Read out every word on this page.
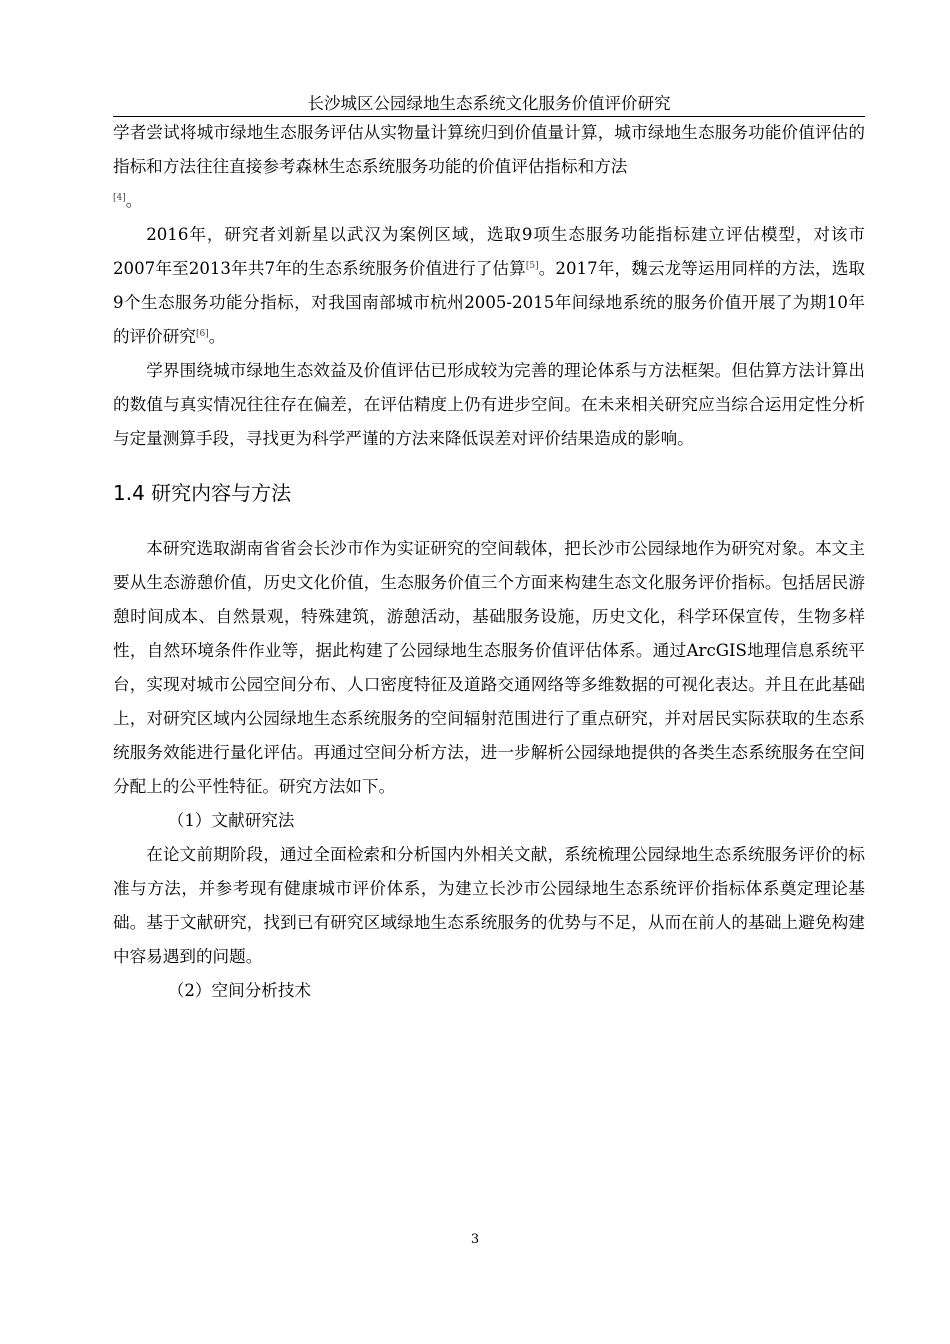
长沙城区公园绿地生态系统文化服务价值评价研究

学者尝试将城市绿地生态服务评估从实物量计算统归到价值量计算，城市绿地生态服务功能价值评估的指标和方法往往直接参考森林生态系统服务功能的价值评估指标和方法
[4]。

2016年，研究者刘新星以武汉为案例区域，选取9项生态服务功能指标建立评估模型，对该市2007年至2013年共7年的生态系统服务价值进行了估算[5]。2017年，魏云龙等运用同样的方法，选取9个生态服务功能分指标，对我国南部城市杭州2005-2015年间绿地系统的服务价值开展了为期10年的评价研究[6]。

学界围绕城市绿地生态效益及价值评估已形成较为完善的理论体系与方法框架。但估算方法计算出的数值与真实情况往往存在偏差，在评估精度上仍有进步空间。在未来相关研究应当综合运用定性分析与定量测算手段，寻找更为科学严谨的方法来降低误差对评价结果造成的影响。

1.4 研究内容与方法

本研究选取湖南省省会长沙市作为实证研究的空间载体，把长沙市公园绿地作为研究对象。本文主要从生态游憩价值，历史文化价值，生态服务价值三个方面来构建生态文化服务评价指标。包括居民游憩时间成本、自然景观，特殊建筑，游憩活动，基础服务设施，历史文化，科学环保宣传，生物多样性，自然环境条件作业等，据此构建了公园绿地生态服务价值评估体系。通过ArcGIS地理信息系统平台，实现对城市公园空间分布、人口密度特征及道路交通网络等多维数据的可视化表达。并且在此基础上，对研究区域内公园绿地生态系统服务的空间辐射范围进行了重点研究，并对居民实际获取的生态系统服务效能进行量化评估。再通过空间分析方法，进一步解析公园绿地提供的各类生态系统服务在空间分配上的公平性特征。研究方法如下。

（1）文献研究法

在论文前期阶段，通过全面检索和分析国内外相关文献，系统梳理公园绿地生态系统服务评价的标准与方法，并参考现有健康城市评价体系，为建立长沙市公园绿地生态系统评价指标体系奠定理论基础。基于文献研究，找到已有研究区域绿地生态系统服务的优势与不足，从而在前人的基础上避免构建中容易遇到的问题。

（2）空间分析技术

3
